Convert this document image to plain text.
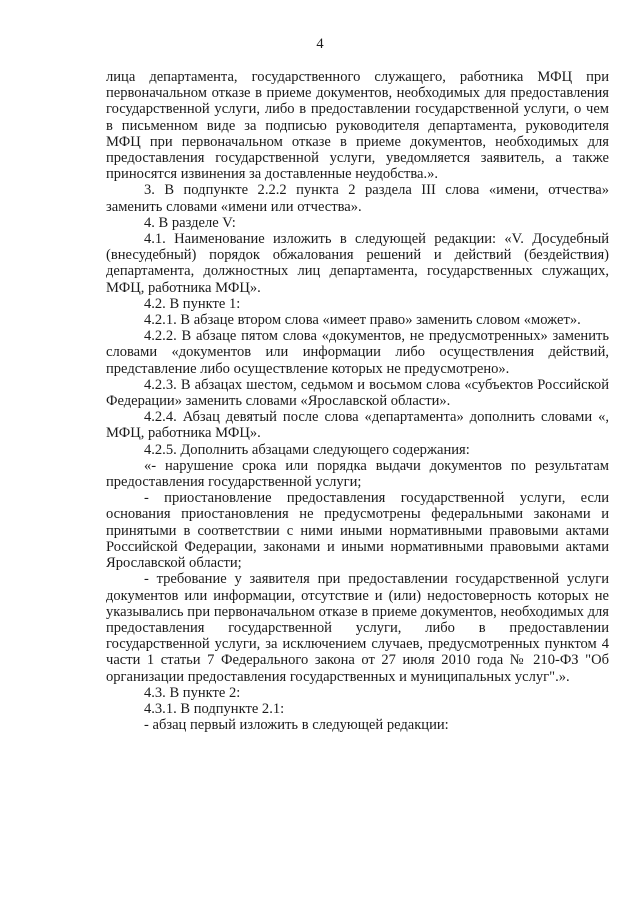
4

лица департамента, государственного служащего, работника МФЦ при первоначальном отказе в приеме документов, необходимых для предоставления государственной услуги, либо в предоставлении государственной услуги, о чем в письменном виде за подписью руководителя департамента, руководителя МФЦ при первоначальном отказе в приеме документов, необходимых для предоставления государственной услуги, уведомляется заявитель, а также приносятся извинения за доставленные неудобства.».

3. В подпункте 2.2.2 пункта 2 раздела III слова «имени, отчества» заменить словами «имени или отчества».

4. В разделе V:

4.1. Наименование изложить в следующей редакции: «V. Досудебный (внесудебный) порядок обжалования решений и действий (бездействия) департамента, должностных лиц департамента, государственных служащих, МФЦ, работника МФЦ».

4.2. В пункте 1:

4.2.1. В абзаце втором слова «имеет право» заменить словом «может».

4.2.2. В абзаце пятом слова «документов, не предусмотренных» заменить словами «документов или информации либо осуществления действий, представление либо осуществление которых не предусмотрено».

4.2.3. В абзацах шестом, седьмом и восьмом слова «субъектов Российской Федерации» заменить словами «Ярославской области».

4.2.4. Абзац девятый после слова «департамента» дополнить словами «, МФЦ, работника МФЦ».

4.2.5. Дополнить абзацами следующего содержания:

«- нарушение срока или порядка выдачи документов по результатам предоставления государственной услуги;

- приостановление предоставления государственной услуги, если основания приостановления не предусмотрены федеральными законами и принятыми в соответствии с ними иными нормативными правовыми актами Российской Федерации, законами и иными нормативными правовыми актами Ярославской области;

- требование у заявителя при предоставлении государственной услуги документов или информации, отсутствие и (или) недостоверность которых не указывались при первоначальном отказе в приеме документов, необходимых для предоставления государственной услуги, либо в предоставлении государственной услуги, за исключением случаев, предусмотренных пунктом 4 части 1 статьи 7 Федерального закона от 27 июля 2010 года № 210-ФЗ "Об организации предоставления государственных и муниципальных услуг".».

4.3. В пункте 2:

4.3.1. В подпункте 2.1:

- абзац первый изложить в следующей редакции:
